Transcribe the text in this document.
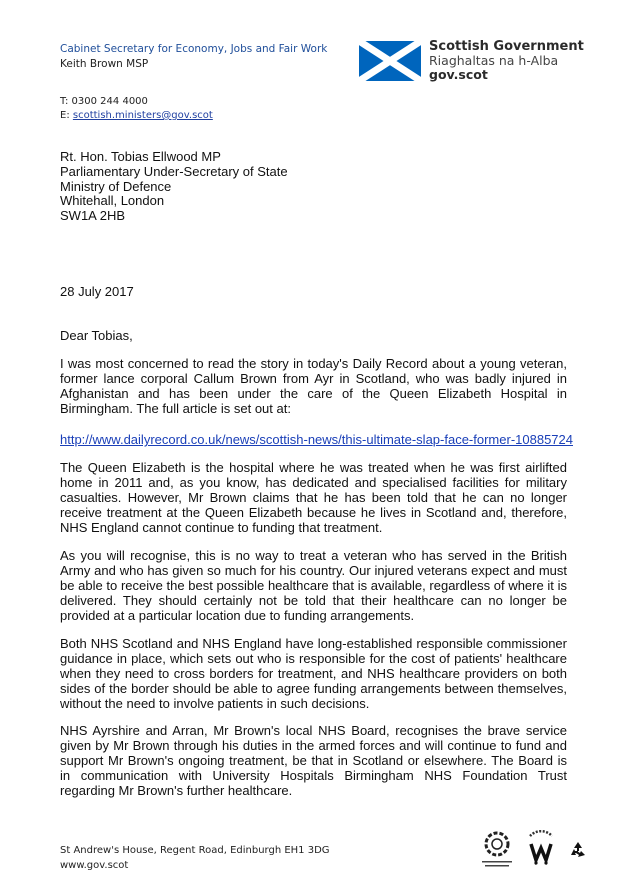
Cabinet Secretary for Economy, Jobs and Fair Work
Keith Brown MSP
Scottish Government
Riaghaltas na h-Alba
gov.scot
T: 0300 244 4000
E: scottish.ministers@gov.scot
Rt. Hon. Tobias Ellwood MP
Parliamentary Under-Secretary of State
Ministry of Defence
Whitehall, London
SW1A 2HB
28 July 2017
Dear Tobias,

I was most concerned to read the story in today's Daily Record about a young veteran, former lance corporal Callum Brown from Ayr in Scotland, who was badly injured in Afghanistan and has been under the care of the Queen Elizabeth Hospital in Birmingham. The full article is set out at:

http://www.dailyrecord.co.uk/news/scottish-news/this-ultimate-slap-face-former-10885724

The Queen Elizabeth is the hospital where he was treated when he was first airlifted home in 2011 and, as you know, has dedicated and specialised facilities for military casualties. However, Mr Brown claims that he has been told that he can no longer receive treatment at the Queen Elizabeth because he lives in Scotland and, therefore, NHS England cannot continue to funding that treatment.

As you will recognise, this is no way to treat a veteran who has served in the British Army and who has given so much for his country. Our injured veterans expect and must be able to receive the best possible healthcare that is available, regardless of where it is delivered. They should certainly not be told that their healthcare can no longer be provided at a particular location due to funding arrangements.

Both NHS Scotland and NHS England have long-established responsible commissioner guidance in place, which sets out who is responsible for the cost of patients' healthcare when they need to cross borders for treatment, and NHS healthcare providers on both sides of the border should be able to agree funding arrangements between themselves, without the need to involve patients in such decisions.

NHS Ayrshire and Arran, Mr Brown's local NHS Board, recognises the brave service given by Mr Brown through his duties in the armed forces and will continue to fund and support Mr Brown's ongoing treatment, be that in Scotland or elsewhere. The Board is in communication with University Hospitals Birmingham NHS Foundation Trust regarding Mr Brown's further healthcare.

St Andrew's House, Regent Road, Edinburgh EH1 3DG
www.gov.scot
